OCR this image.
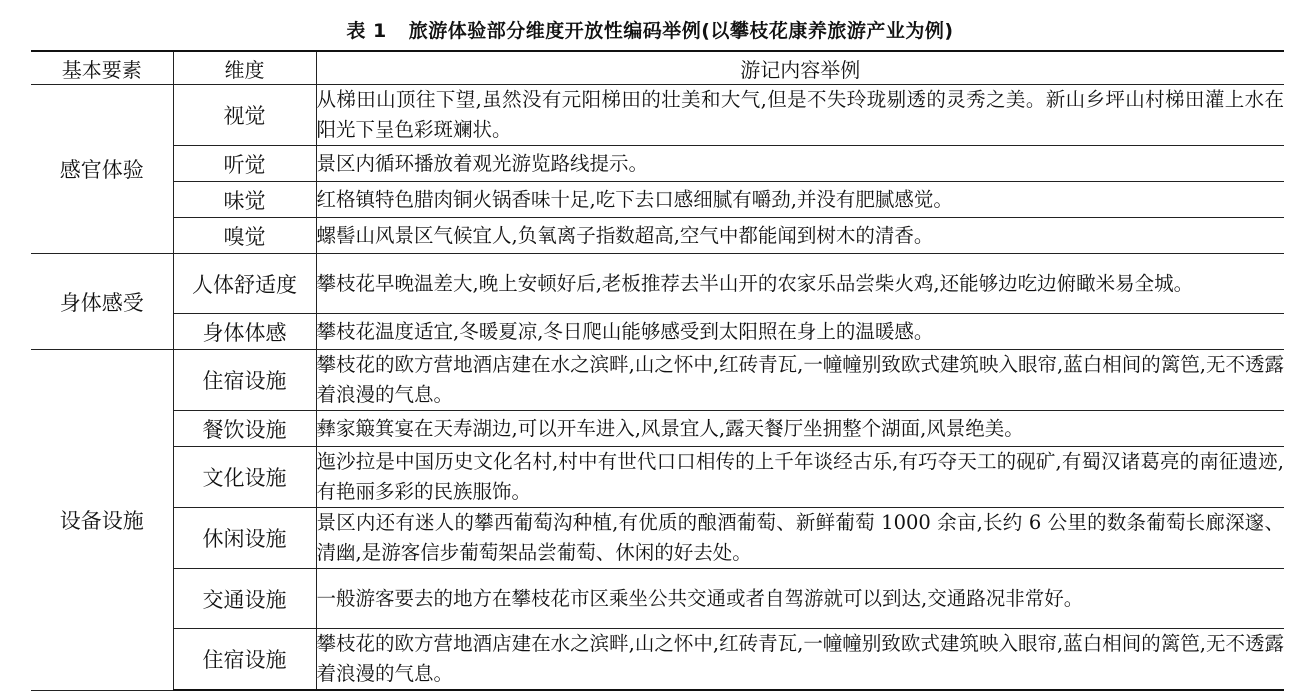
表 1 旅游体验部分维度开放性编码举例(以攀枝花康养旅游产业为例)
基本要素	维度	游记内容举例
感官体验	视觉	从梯田山顶往下望,虽然没有元阳梯田的壮美和大气,但是不失玲珑剔透的灵秀之美。新山乡坪山村梯田灌上水在阳光下呈色彩斑斓状。
	听觉	景区内循环播放着观光游览路线提示。
	味觉	红格镇特色腊肉铜火锅香味十足,吃下去口感细腻有嚼劲,并没有肥腻感觉。
	嗅觉	螺髻山风景区气候宜人,负氧离子指数超高,空气中都能闻到树木的清香。
身体感受	人体舒适度	攀枝花早晚温差大,晚上安顿好后,老板推荐去半山开的农家乐品尝柴火鸡,还能够边吃边俯瞰米易全城。
	身体体感	攀枝花温度适宜,冬暖夏凉,冬日爬山能够感受到太阳照在身上的温暖感。
设备设施	住宿设施	攀枝花的欧方营地酒店建在水之滨畔,山之怀中,红砖青瓦,一幢幢别致欧式建筑映入眼帘,蓝白相间的篱笆,无不透露着浪漫的气息。
	餐饮设施	彝家簸箕宴在天寿湖边,可以开车进入,风景宜人,露天餐厅坐拥整个湖面,风景绝美。
	文化设施	迤沙拉是中国历史文化名村,村中有世代口口相传的上千年谈经古乐,有巧夺天工的砚矿,有蜀汉诸葛亮的南征遗迹,有艳丽多彩的民族服饰。
	休闲设施	景区内还有迷人的攀西葡萄沟种植,有优质的酿酒葡萄、新鲜葡萄 1000 余亩,长约 6 公里的数条葡萄长廊深邃、清幽,是游客信步葡萄架品尝葡萄、休闲的好去处。
	交通设施	一般游客要去的地方在攀枝花市区乘坐公共交通或者自驾游就可以到达,交通路况非常好。
	住宿设施	攀枝花的欧方营地酒店建在水之滨畔,山之怀中,红砖青瓦,一幢幢别致欧式建筑映入眼帘,蓝白相间的篱笆,无不透露着浪漫的气息。
